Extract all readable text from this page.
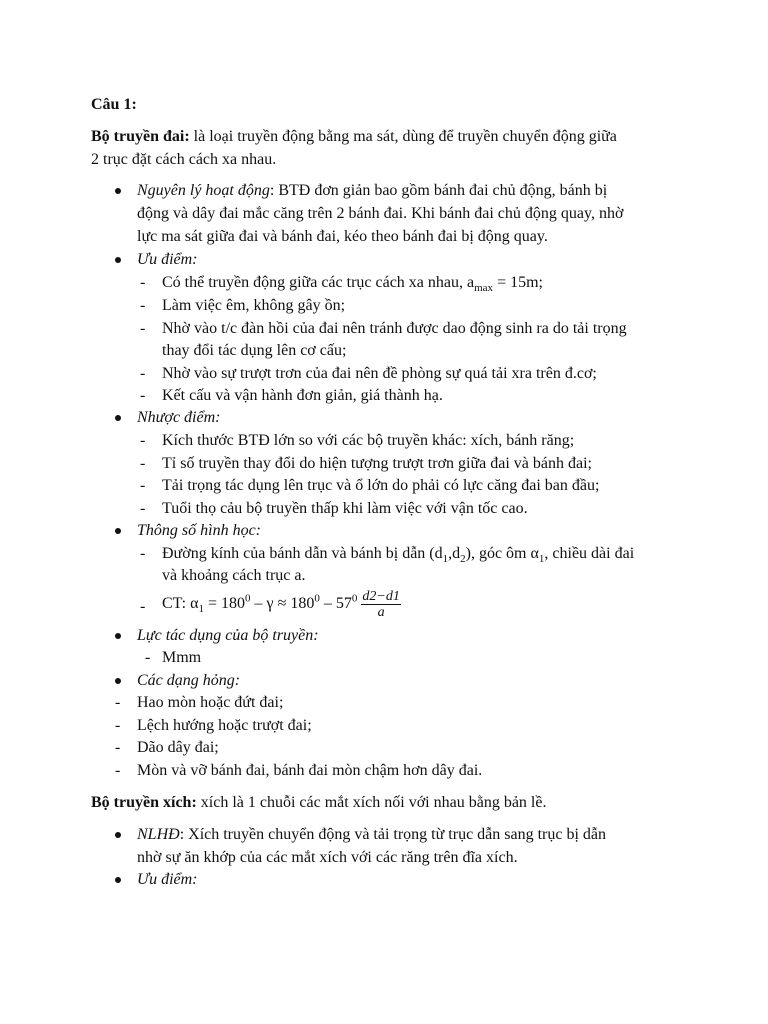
Câu 1:
Bộ truyền đai: là loại truyền động bằng ma sát, dùng để truyền chuyển động giữa
2 trục đặt cách cách xa nhau.
Nguyên lý hoạt động: BTĐ đơn giản bao gồm bánh đai chủ động, bánh bị
động và dây đai mắc căng trên 2 bánh đai. Khi bánh đai chủ động quay, nhờ
lực ma sát giữa đai và bánh đai, kéo theo bánh đai bị động quay.
Ưu điểm:
- Có thể truyền động giữa các trục cách xa nhau, $a_{max} = 15m$;
- Làm việc êm, không gây ồn;
- Nhờ vào t/c đàn hồi của đai nên tránh được dao động sinh ra do tải trọng
thay đổi tác dụng lên cơ cấu;
- Nhờ vào sự trượt trơn của đai nên đề phòng sự quá tải xra trên đ.cơ;
- Kết cấu và vận hành đơn giản, giá thành hạ.
Nhược điểm:
- Kích thước BTĐ lớn so với các bộ truyền khác: xích, bánh răng;
- Tỉ số truyền thay đổi do hiện tượng trượt trơn giữa đai và bánh đai;
- Tải trọng tác dụng lên trục và ổ lớn do phải có lực căng đai ban đầu;
- Tuổi thọ cảu bộ truyền thấp khi làm việc với vận tốc cao.
Thông số hình học:
- Đường kính của bánh dẫn và bánh bị dẫn $(d_1,d_2)$, góc ôm $\alpha_1$, chiều dài đai
và khoảng cách trục a.
- CT: $\alpha_1 = 180^0 - \gamma \approx 180^0 - 57^0 \frac{d2-d1}{a}$
Lực tác dụng của bộ truyền:
- Mmm
Các dạng hỏng:
- Hao mòn hoặc đứt đai;
- Lệch hướng hoặc trượt đai;
- Dão dây đai;
- Mòn và vỡ bánh đai, bánh đai mòn chậm hơn dây đai.
Bộ truyền xích: xích là 1 chuỗi các mắt xích nối với nhau bằng bản lề.
NLHĐ: Xích truyền chuyển động và tải trọng từ trục dẫn sang trục bị dẫn
nhờ sự ăn khớp của các mắt xích với các răng trên đĩa xích.
Ưu điểm:
